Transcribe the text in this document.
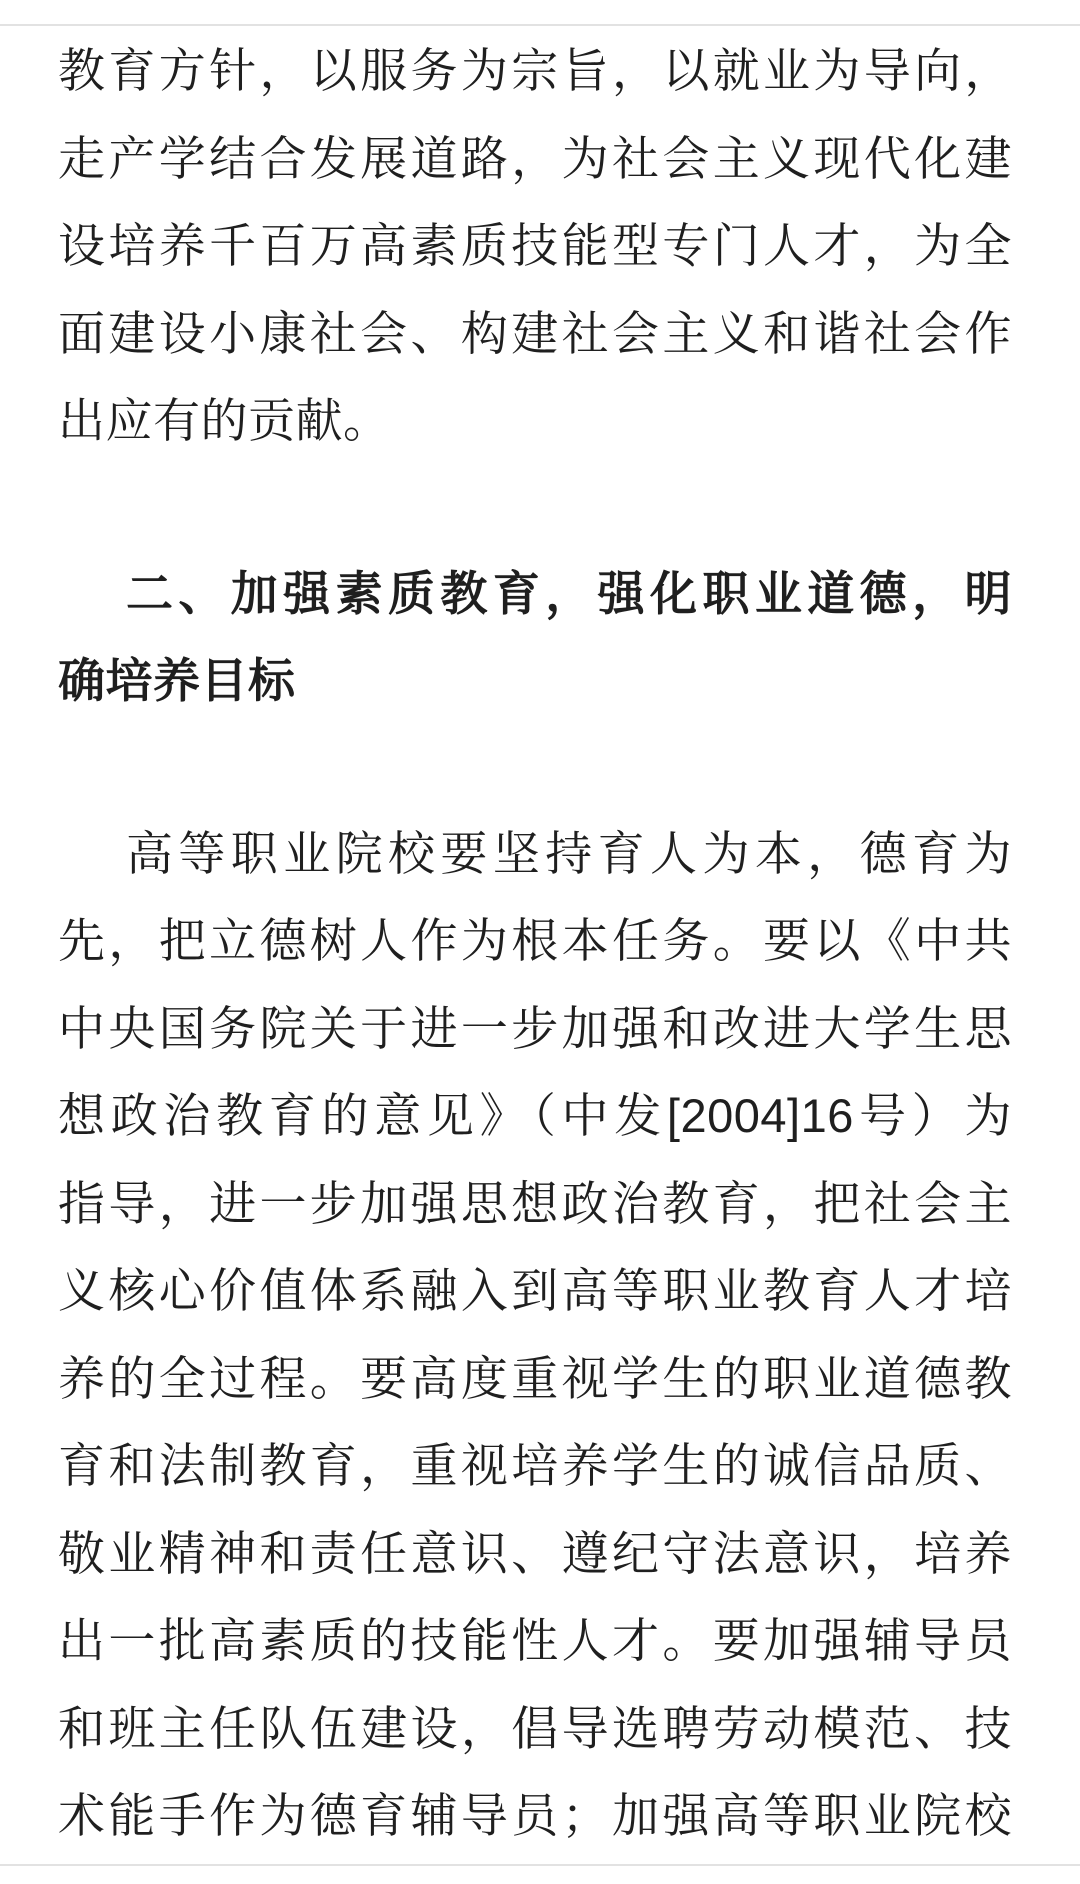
教育方针，以服务为宗旨，以就业为导向，
走产学结合发展道路，为社会主义现代化建
设培养千百万高素质技能型专门人才，为全
面建设小康社会、构建社会主义和谐社会作
出应有的贡献。
二、加强素质教育，强化职业道德，明
确培养目标
高等职业院校要坚持育人为本，德育为
先，把立德树人作为根本任务。要以《中共
中央国务院关于进一步加强和改进大学生思
想政治教育的意见》（中发[2004]16号）为
指导，进一步加强思想政治教育，把社会主
义核心价值体系融入到高等职业教育人才培
养的全过程。要高度重视学生的职业道德教
育和法制教育，重视培养学生的诚信品质、
敬业精神和责任意识、遵纪守法意识，培养
出一批高素质的技能性人才。要加强辅导员
和班主任队伍建设，倡导选聘劳动模范、技
术能手作为德育辅导员；加强高等职业院校
